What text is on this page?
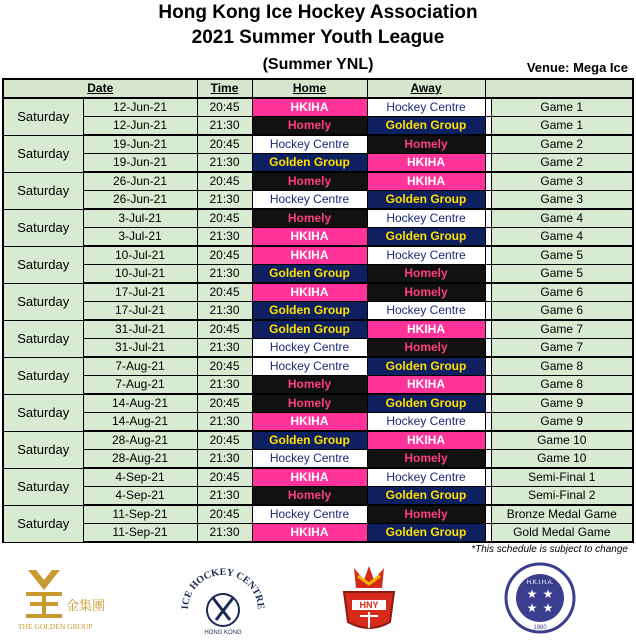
Hong Kong Ice Hockey Association
2021 Summer Youth League
(Summer YNL)	Venue: Mega Ice
Date		Time	Home	Away		
Saturday	12-Jun-21	20:45	HKIHA	Hockey Centre		Game 1
	12-Jun-21	21:30	Homely	Golden Group		Game 1
Saturday	19-Jun-21	20:45	Hockey Centre	Homely		Game 2
	19-Jun-21	21:30	Golden Group	HKIHA		Game 2
Saturday	26-Jun-21	20:45	Homely	HKIHA		Game 3
	26-Jun-21	21:30	Hockey Centre	Golden Group		Game 3
Saturday	3-Jul-21	20:45	Homely	Hockey Centre		Game 4
	3-Jul-21	21:30	HKIHA	Golden Group		Game 4
Saturday	10-Jul-21	20:45	HKIHA	Hockey Centre		Game 5
	10-Jul-21	21:30	Golden Group	Homely		Game 5
Saturday	17-Jul-21	20:45	HKIHA	Homely		Game 6
	17-Jul-21	21:30	Golden Group	Hockey Centre		Game 6
Saturday	31-Jul-21	20:45	Golden Group	HKIHA		Game 7
	31-Jul-21	21:30	Hockey Centre	Homely		Game 7
Saturday	7-Aug-21	20:45	Hockey Centre	Golden Group		Game 8
	7-Aug-21	21:30	Homely	HKIHA		Game 8
Saturday	14-Aug-21	20:45	Homely	Golden Group		Game 9
	14-Aug-21	21:30	HKIHA	Hockey Centre		Game 9
Saturday	28-Aug-21	20:45	Golden Group	HKIHA		Game 10
	28-Aug-21	21:30	Hockey Centre	Homely		Game 10
Saturday	4-Sep-21	20:45	HKIHA	Hockey Centre		Semi-Final 1
	4-Sep-21	21:30	Homely	Golden Group		Semi-Final 2
Saturday	11-Sep-21	20:45	Hockey Centre	Homely		Bronze Medal Game
	11-Sep-21	21:30	HKIHA	Golden Group		Gold Medal Game
*This schedule is subject to change
金集團
THE GOLDEN GROUP
ICE HOCKEY CENTRE
HONG KONG
HNY
H.K.I.H.A.
★ ★
★ ★
1980
